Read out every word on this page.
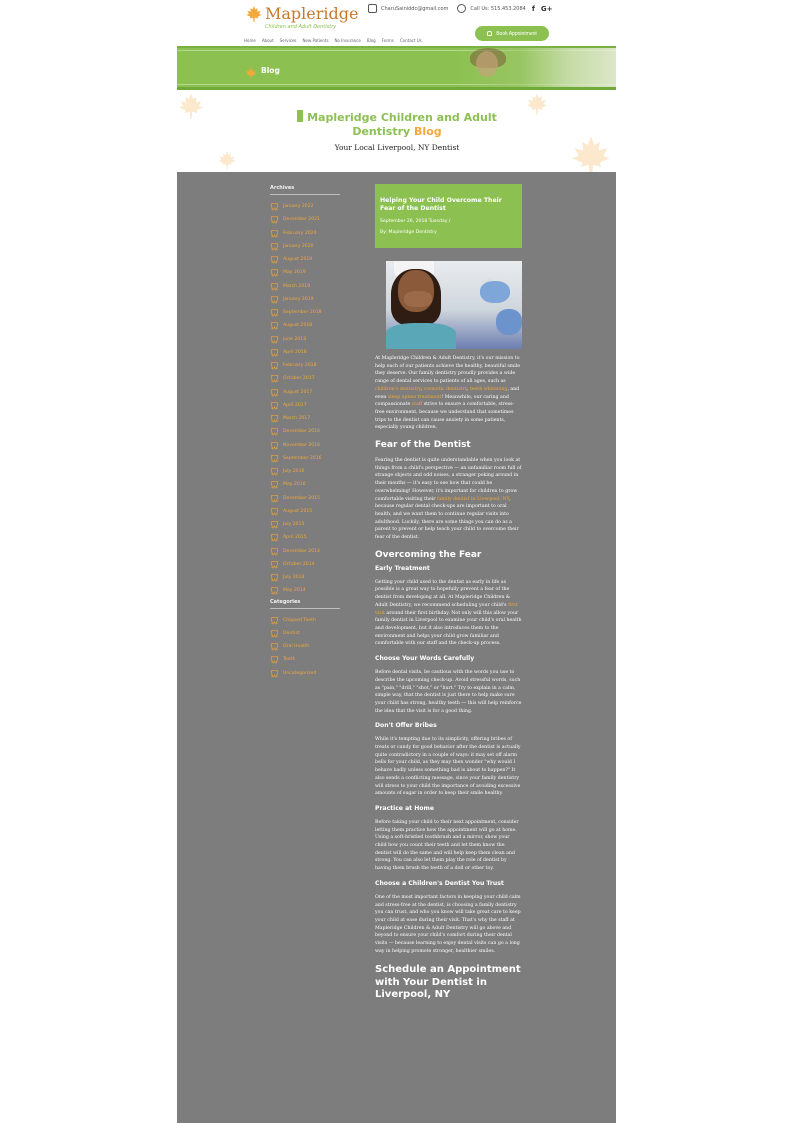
Mapleridge
Children and Adult Dentistry
CharuSainiddc@gmail.com	Call Us: 515.453.2084 f G+
Home About Services New Patients No Insurance Blog Forms Contact Us
Book Appointment
Blog
Mapleridge Children and Adult Dentistry Blog
Your Local Liverpool, NY Dentist
Archives
January 2022
December 2021
February 2020
January 2020
August 2019
May 2019
March 2019
January 2019
September 2018
August 2018
June 2018
April 2018
February 2018
October 2017
August 2017
April 2017
March 2017
December 2016
November 2016
September 2016
July 2016
May 2016
December 2015
August 2015
July 2015
April 2015
December 2014
October 2014
July 2014
May 2014
Categories
Chipped Teeth
Dentist
Oral Health
Teeth
Uncategorized
Helping Your Child Overcome Their Fear of the Dentist
September 26, 2018 Tuesday /
By: Mapleridge Dentistry

At Mapleridge Children & Adult Dentistry, it's our mission to help each of our patients achieve the healthy, beautiful smile they deserve. Our family dentistry proudly provides a wide range of dental services to patients of all ages, such as children's dentistry, cosmetic dentistry, teeth whitening, and even sleep apnea treatment! Meanwhile, our caring and compassionate staff strive to ensure a comfortable, stress-free environment, because we understand that sometimes trips to the dentist can cause anxiety in some patients, especially young children.

Fear of the Dentist

Fearing the dentist is quite understandable when you look at things from a child's perspective — an unfamiliar room full of strange objects and odd noises, a stranger poking around in their mouths — it's easy to see how that could be overwhelming! However, it's important for children to grow comfortable visiting their family dentist in Liverpool, NY, because regular dental check-ups are important to oral health, and we want them to continue regular visits into adulthood. Luckily, there are some things you can do as a parent to prevent or help teach your child to overcome their fear of the dentist.

Overcoming the Fear
Early Treatment

Getting your child used to the dentist as early in life as possible is a great way to hopefully prevent a fear of the dentist from developing at all. At Mapleridge Children & Adult Dentistry, we recommend scheduling your child's first visit around their first birthday. Not only will this allow your family dentist in Liverpool to examine your child's oral health and development, but it also introduces them to the environment and helps your child grow familiar and comfortable with our staff and the check-up process.

Choose Your Words Carefully

Before dental visits, be cautious with the words you use to describe the upcoming check-up. Avoid stressful words, such as "pain," "drill," "shot," or "hurt." Try to explain in a calm, simple way, that the dentist is just there to help make sure your child has strong, healthy teeth — this will help reinforce the idea that the visit is for a good thing.

Don't Offer Bribes

While it's tempting due to its simplicity, offering bribes of treats or candy for good behavior after the dentist is actually quite contradictory in a couple of ways: it may set off alarm bells for your child, as they may then wonder "why would I behave badly unless something bad is about to happen?" It also sends a conflicting message, since your family dentistry will stress to your child the importance of avoiding excessive amounts of sugar in order to keep their smile healthy.

Practice at Home

Before taking your child to their next appointment, consider letting them practice how the appointment will go at home. Using a soft-bristled toothbrush and a mirror, show your child how you count their teeth and let them know the dentist will do the same and will help keep them clean and strong. You can also let them play the role of dentist by having them brush the teeth of a doll or other toy.

Choose a Children's Dentist You Trust

One of the most important factors in keeping your child calm and stress-free at the dentist, is choosing a family dentistry you can trust, and who you know will take great care to keep your child at ease during their visit. That's why the staff at Mapleridge Children & Adult Dentistry will go above and beyond to ensure your child's comfort during their dental visits — because learning to enjoy dental visits can go a long way in helping promote stronger, healthier smiles.

Schedule an Appointment with Your Dentist in Liverpool, NY
